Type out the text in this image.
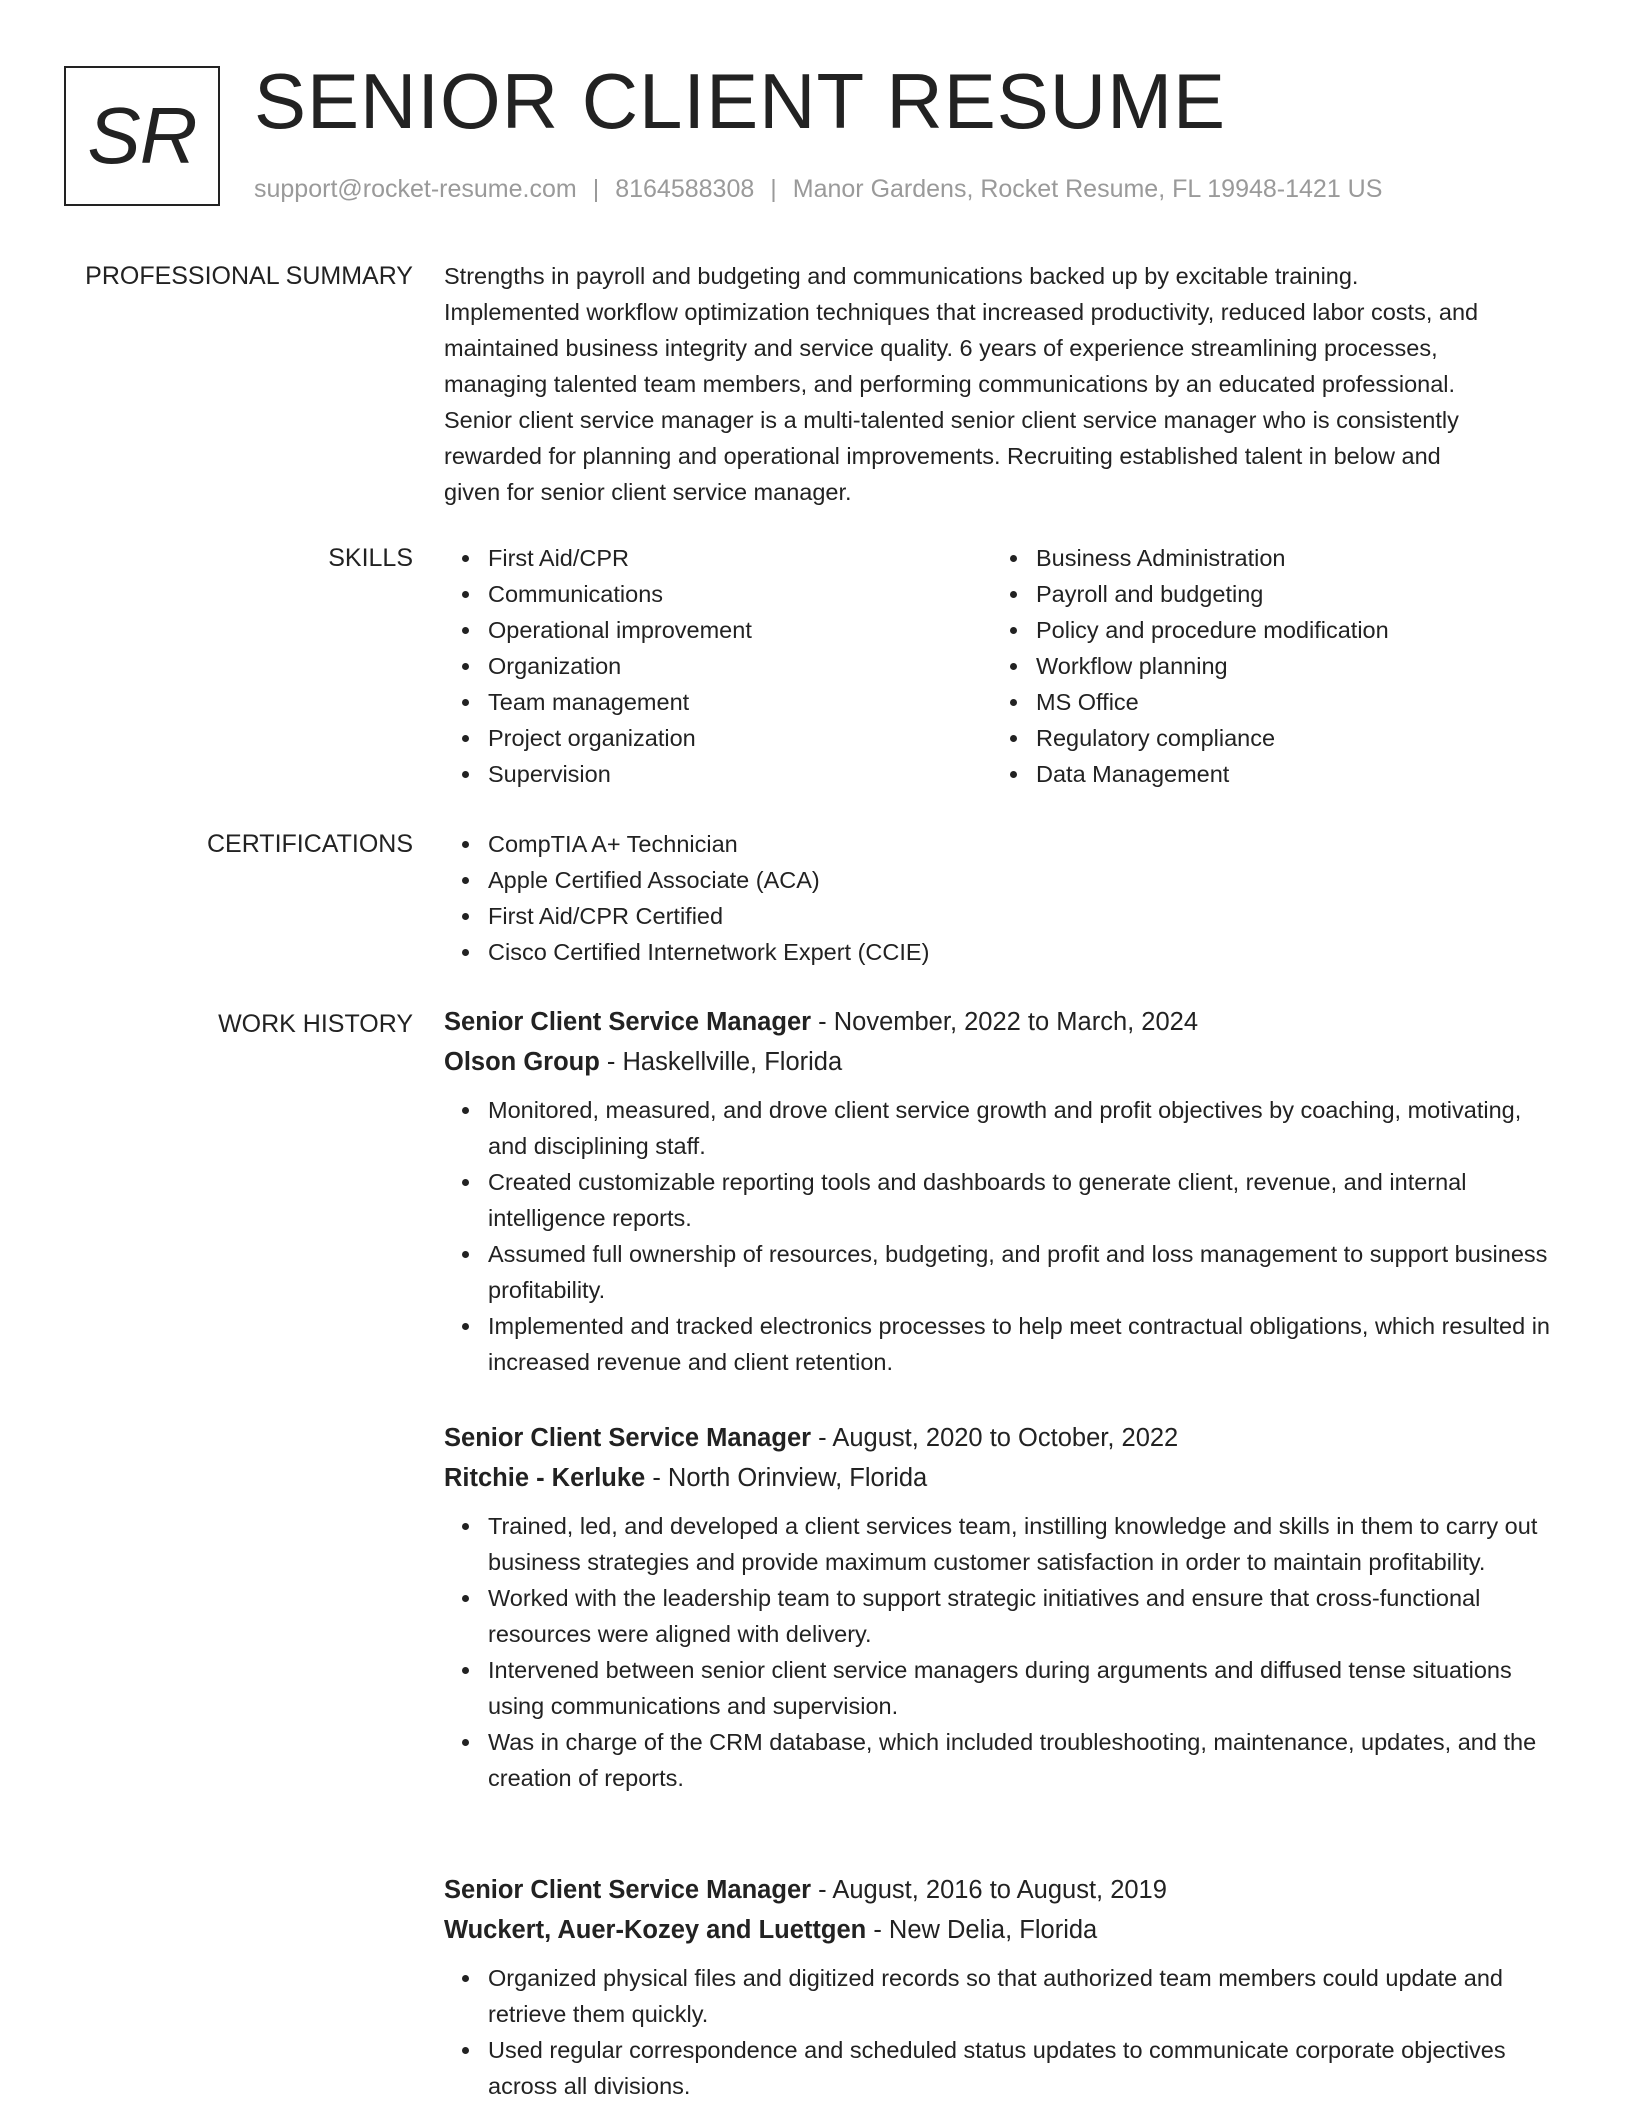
SR SENIOR CLIENT RESUME
support@rocket-resume.com | 8164588308 | Manor Gardens, Rocket Resume, FL 19948-1421 US
PROFESSIONAL SUMMARY Strengths in payroll and budgeting and communications backed up by excitable training.
Implemented workflow optimization techniques that increased productivity, reduced labor costs, and
maintained business integrity and service quality. 6 years of experience streamlining processes,
managing talented team members, and performing communications by an educated professional.
Senior client service manager is a multi-talented senior client service manager who is consistently
rewarded for planning and operational improvements. Recruiting established talent in below and
given for senior client service manager.

SKILLS	First Aid/CPR
Communications
Operational improvement
Organization
Team management
Project organization
Supervision
Business Administration
Payroll and budgeting
Policy and procedure modification
Workflow planning
MS Office
Regulatory compliance
Data Management
CERTIFICATIONS	CompTIA A+ Technician
Apple Certified Associate (ACA)
First Aid/CPR Certified
Cisco Certified Internetwork Expert (CCIE)
WORK HISTORY Senior Client Service Manager - November, 2022 to March, 2024

Olson Group - Haskellville, Florida

Monitored, measured, and drove client service growth and profit objectives by coaching, motivating, and disciplining staff.
Created customizable reporting tools and dashboards to generate client, revenue, and internal intelligence reports.
Assumed full ownership of resources, budgeting, and profit and loss management to support business profitability.
Implemented and tracked electronics processes to help meet contractual obligations, which resulted in increased revenue and client retention.

Senior Client Service Manager - August, 2020 to October, 2022

Ritchie - Kerluke - North Orinview, Florida

Trained, led, and developed a client services team, instilling knowledge and skills in them to carry out business strategies and provide maximum customer satisfaction in order to maintain profitability.
Worked with the leadership team to support strategic initiatives and ensure that cross-functional resources were aligned with delivery.
Intervened between senior client service managers during arguments and diffused tense situations using communications and supervision.
Was in charge of the CRM database, which included troubleshooting, maintenance, updates, and the creation of reports.

Senior Client Service Manager - August, 2016 to August, 2019

Wuckert, Auer-Kozey and Luettgen - New Delia, Florida

Organized physical files and digitized records so that authorized team members could update and retrieve them quickly.
Used regular correspondence and scheduled status updates to communicate corporate objectives across all divisions.
